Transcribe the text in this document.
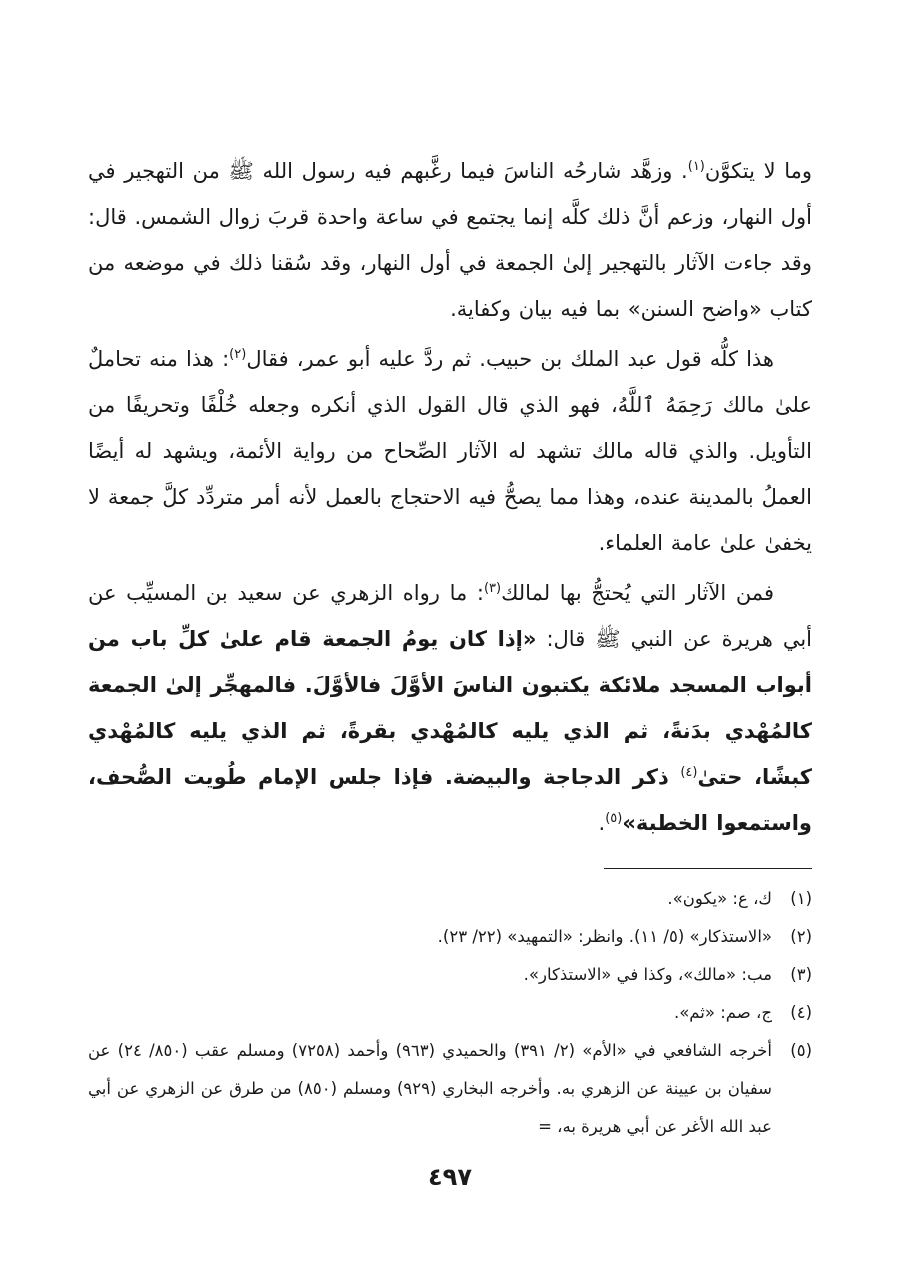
وما لا يتكوَّن$^{(١)}$. وزهَّد شارحُه الناسَ فيما رغَّبهم فيه رسول الله ﷺ من التهجير في أول النهار، وزعم أنَّ ذلك كلَّه إنما يجتمع في ساعة واحدة قربَ زوال الشمس. قال: وقد جاءت الآثار بالتهجير إلىٰ الجمعة في أول النهار، وقد سُقنا ذلك في موضعه من كتاب «واضح السنن» بما فيه بيان وكفاية.

هذا كلُّه قول عبد الملك بن حبيب. ثم ردَّ عليه أبو عمر، فقال$^{(٢)}$: هذا منه تحاملٌ علىٰ مالك رَحِمَهُ ٱللَّهُ، فهو الذي قال القول الذي أنكره وجعله خُلْفًا وتحريفًا من التأويل. والذي قاله مالك تشهد له الآثار الصِّحاح من رواية الأئمة، ويشهد له أيضًا العملُ بالمدينة عنده، وهذا مما يصحُّ فيه الاحتجاج بالعمل لأنه أمر متردِّد كلَّ جمعة لا يخفىٰ علىٰ عامة العلماء.

فمن الآثار التي يُحتجُّ بها لمالك$^{(٣)}$: ما رواه الزهري عن سعيد بن المسيِّب عن أبي هريرة عن النبي ﷺ قال: «إذا كان يومُ الجمعة قام علىٰ كلِّ باب من أبواب المسجد ملائكة يكتبون الناسَ الأوَّلَ فالأوَّلَ. فالمهجِّر إلىٰ الجمعة كالمُهْدي بدَنةً، ثم الذي يليه كالمُهْدي بقرةً، ثم الذي يليه كالمُهْدي كبشًا، حتىٰ$^{(٤)}$ ذكر الدجاجة والبيضة. فإذا جلس الإمام طُويت الصُّحف، واستمعوا الخطبة»$^{(٥)}$.

(١)
ك، ع: «يكون».
(٢)
«الاستذكار» (٥/ ١١). وانظر: «التمهيد» (٢٢/ ٢٣).
(٣)
مب: «مالك»، وكذا في «الاستذكار».
(٤)
ج، صم: «ثم».
(٥)
أخرجه الشافعي في «الأم» (٢/ ٣٩١) والحميدي (٩٦٣) وأحمد (٧٢٥٨) ومسلم عقب (٨٥٠/ ٢٤) عن سفيان بن عيينة عن الزهري به. وأخرجه البخاري (٩٢٩) ومسلم (٨٥٠) من طرق عن الزهري عن أبي عبد الله الأغر عن أبي هريرة به، =
٤٩٧
